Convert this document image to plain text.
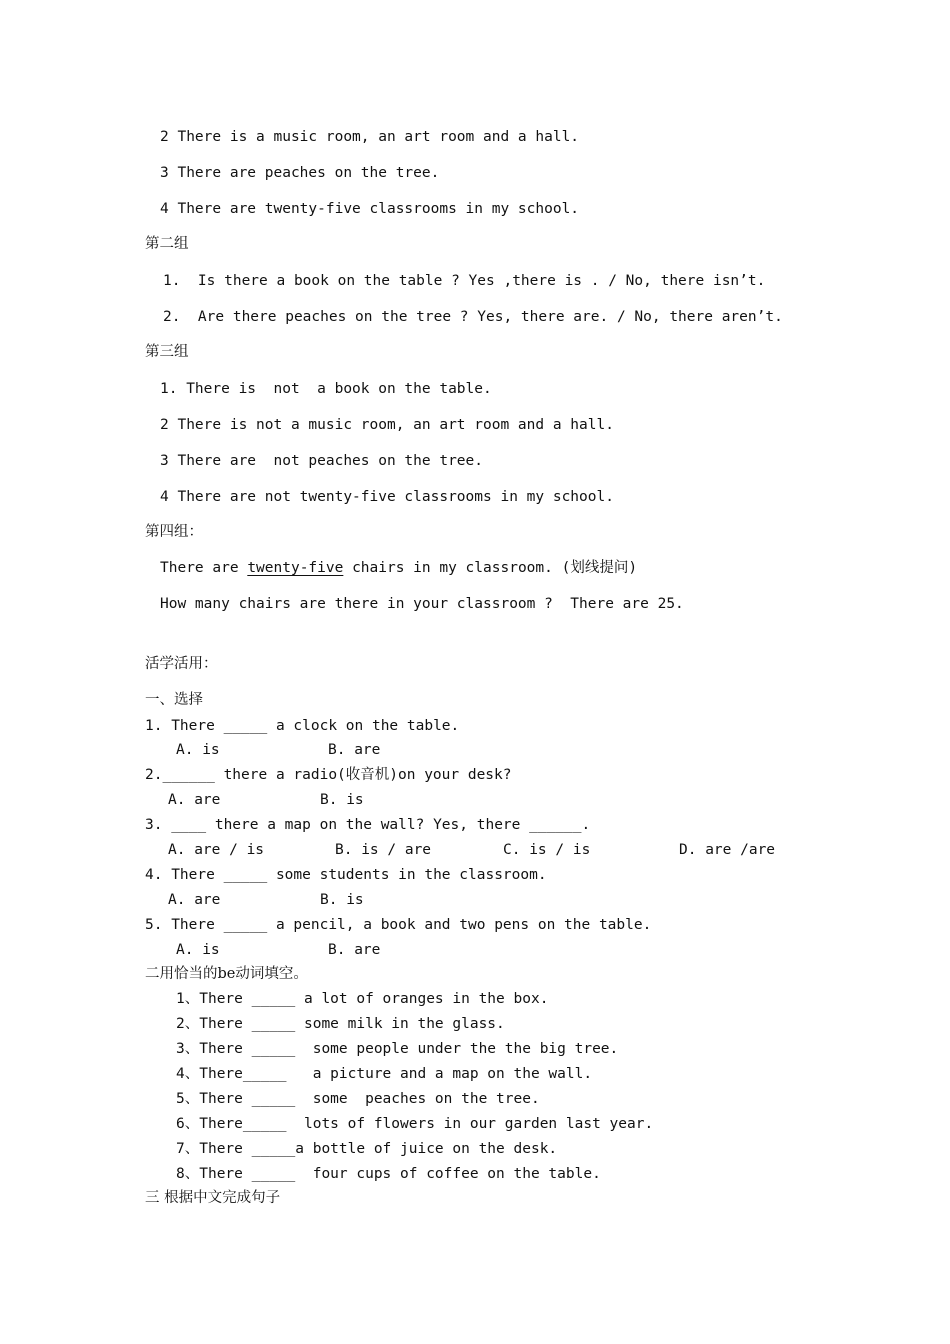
2 There is a music room, an art room and a hall.
3 There are peaches on the tree.
4 There are twenty-five classrooms in my school.
第二组
1.  Is there a book on the table ? Yes ,there is . / No, there isn’t.
2.  Are there peaches on the tree ? Yes, there are. / No, there aren’t.
第三组
1. There is  not  a book on the table.
2 There is not a music room, an art room and a hall.
3 There are  not peaches on the tree.
4 There are not twenty-five classrooms in my school.
第四组：
There are twenty-five chairs in my classroom. (划线提问)
How many chairs are there in your classroom ?  There are 25.
活学活用：
一、选择
1. There _____ a clock on the table.
A. is	B. are
2.______ there a radio(收音机)on your desk?
A. are	B. is
3. ____ there a map on the wall? Yes, there ______.
A. are / is	B. is / are	C. is / is	D. are /are
4. There _____ some students in the classroom.
A. are	B. is
5. There _____ a pencil, a book and two pens on the table.
A. is	B. are
二用恰当的be动词填空。
1、There _____ a lot of oranges in the box.
2、There _____ some milk in the glass.
3、There _____  some people under the the big tree.
4、There_____   a picture and a map on the wall.
5、There _____  some  peaches on the tree.
6、There_____  lots of flowers in our garden last year.
7、There _____a bottle of juice on the desk.
8、There _____  four cups of coffee on the table.
三 根据中文完成句子
